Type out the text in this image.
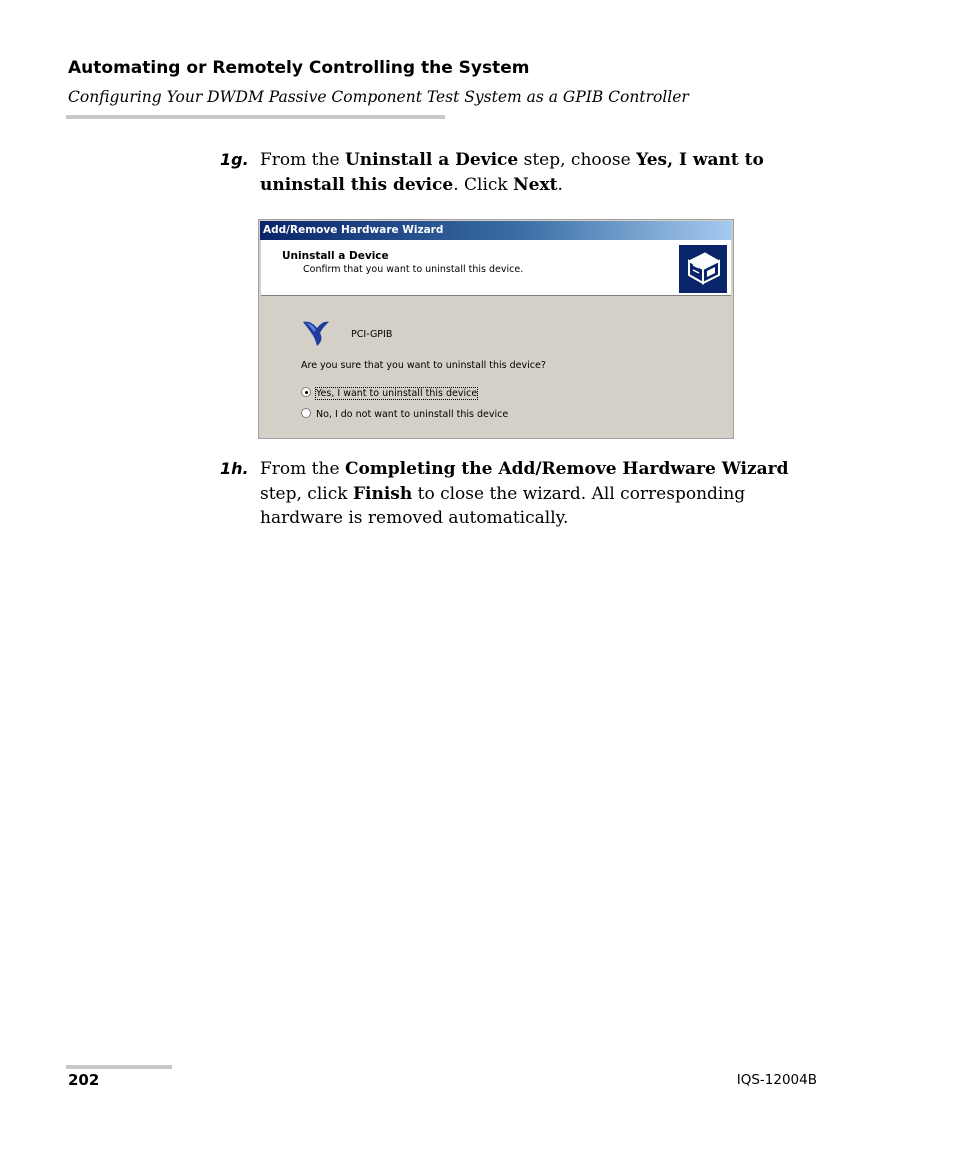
Automating or Remotely Controlling the System
Configuring Your DWDM Passive Component Test System as a GPIB Controller
1g. From the Uninstall a Device step, choose Yes, I want to uninstall this device. Click Next.
Add/Remove Hardware Wizard
Uninstall a Device
Confirm that you want to uninstall this device.
PCI-GPIB
Are you sure that you want to uninstall this device?
Yes, I want to uninstall this device
No, I do not want to uninstall this device
1h. From the Completing the Add/Remove Hardware Wizard step, click Finish to close the wizard. All corresponding hardware is removed automatically.
202	IQS-12004B
